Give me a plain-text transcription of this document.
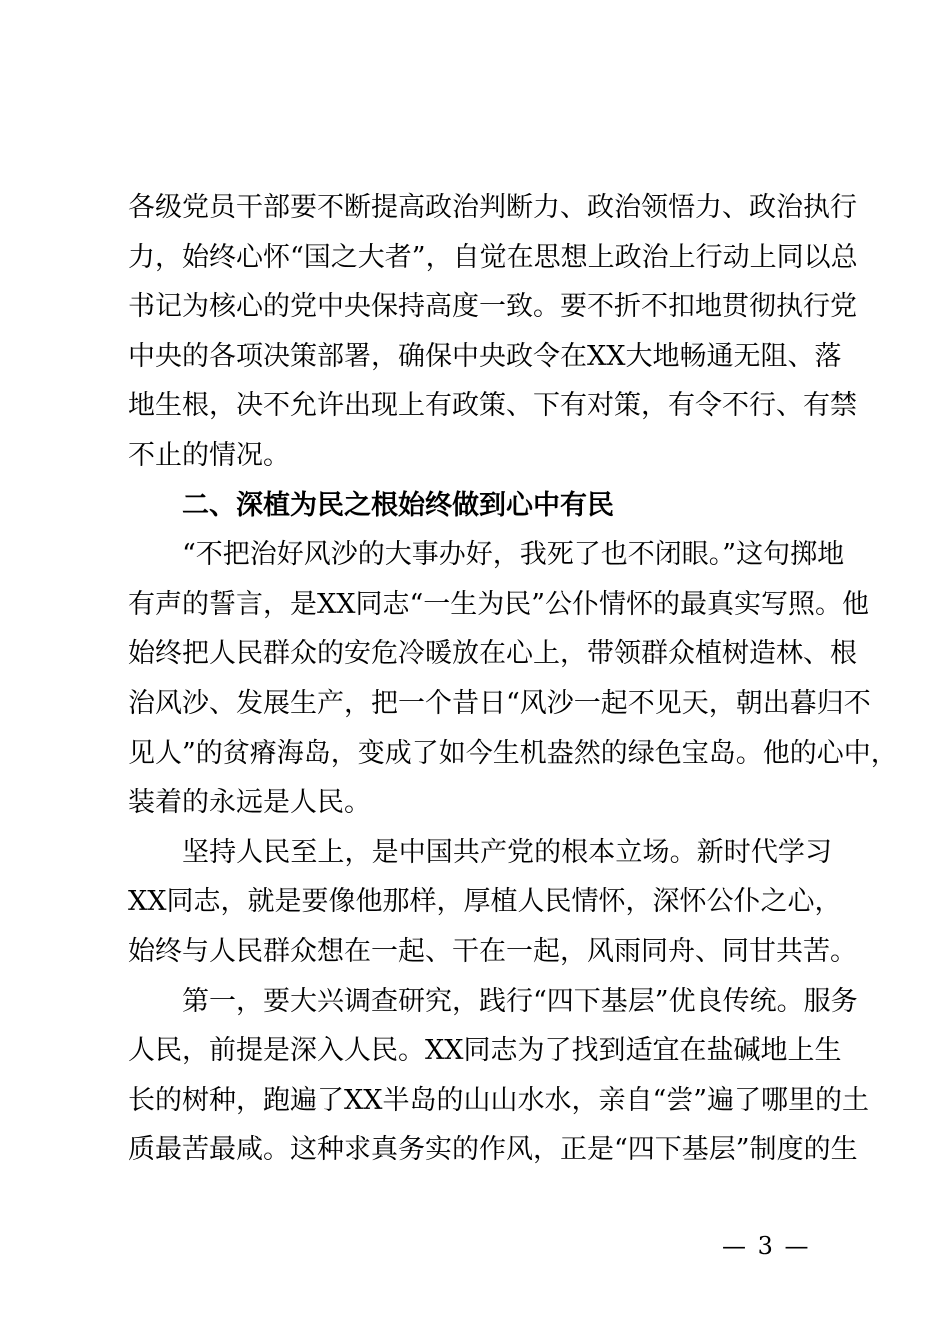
各级党员干部要不断提高政治判断力、政治领悟力、政治执行
力，始终心怀“国之大者”，自觉在思想上政治上行动上同以总
书记为核心的党中央保持高度一致。要不折不扣地贯彻执行党
中央的各项决策部署，确保中央政令在XX大地畅通无阻、落
地生根，决不允许出现上有政策、下有对策，有令不行、有禁
不止的情况。
二、深植为民之根始终做到心中有民
“不把治好风沙的大事办好，我死了也不闭眼。”这句掷地
有声的誓言，是XX同志“一生为民”公仆情怀的最真实写照。他
始终把人民群众的安危冷暖放在心上，带领群众植树造林、根
治风沙、发展生产，把一个昔日“风沙一起不见天，朝出暮归不
见人”的贫瘠海岛，变成了如今生机盎然的绿色宝岛。他的心中，
装着的永远是人民。
坚持人民至上，是中国共产党的根本立场。新时代学习
XX同志，就是要像他那样，厚植人民情怀，深怀公仆之心，
始终与人民群众想在一起、干在一起，风雨同舟、同甘共苦。
第一，要大兴调查研究，践行“四下基层”优良传统。服务
人民，前提是深入人民。XX同志为了找到适宜在盐碱地上生
长的树种，跑遍了XX半岛的山山水水，亲自“尝”遍了哪里的土
质最苦最咸。这种求真务实的作风，正是“四下基层”制度的生
— 3 —
